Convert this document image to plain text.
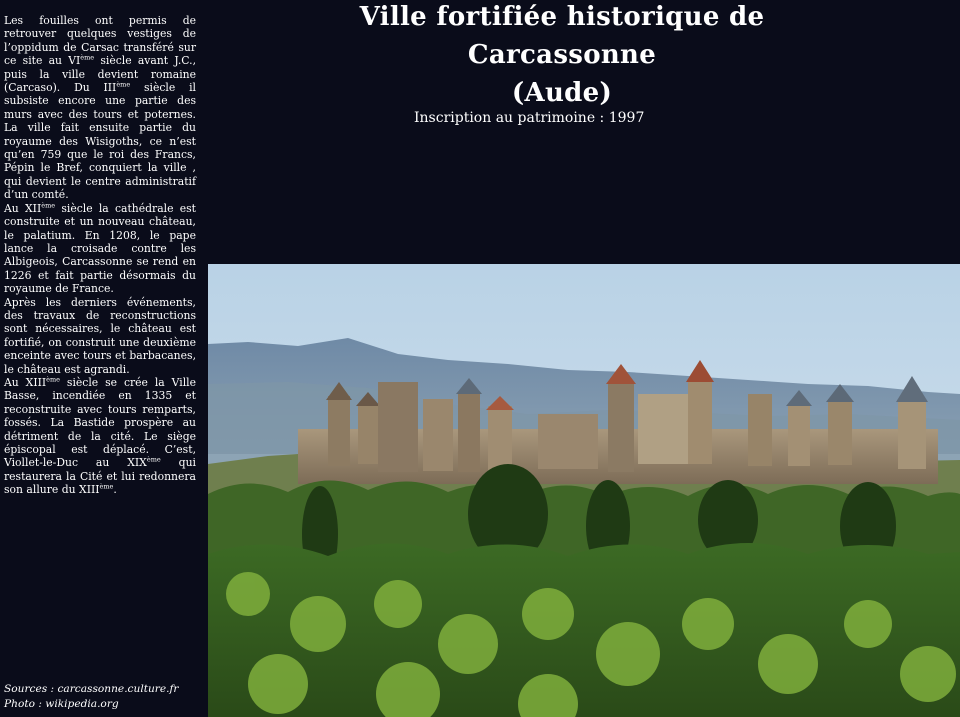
Les fouilles ont permis de retrouver quelques vestiges de l’oppidum de Carsac transféré sur ce site au VIème siècle avant J.C., puis la ville devient romaine (Carcaso). Du IIIème siècle il subsiste encore une partie des murs avec des tours et poternes. La ville fait ensuite partie du royaume des Wisigoths, ce n’est qu’en 759 que le roi des Francs, Pépin le Bref, conquiert la ville , qui devient le centre administratif d’un comté.

Au XIIème siècle la cathédrale est construite et un nouveau château, le palatium. En 1208, le pape lance la croisade contre les Albigeois, Carcassonne se rend en 1226 et fait partie désormais du royaume de France.

Après les derniers événements, des travaux de reconstructions sont nécessaires, le château est fortifié, on construit une deuxième enceinte avec tours et barbacanes, le château est agrandi.

Au XIIIème siècle se crée la Ville Basse, incendiée en 1335 et reconstruite avec tours remparts, fossés. La Bastide prospère au détriment de la cité. Le siège épiscopal est déplacé. C’est, Viollet-le-Duc au XIXème qui restaurera la Cité et lui redonnera son allure du XIIIème.

Sources : carcassonne.culture.fr

Photo : wikipedia.org

Ville fortifiée historique de
Carcassonne
(Aude)
Inscription au patrimoine : 1997
